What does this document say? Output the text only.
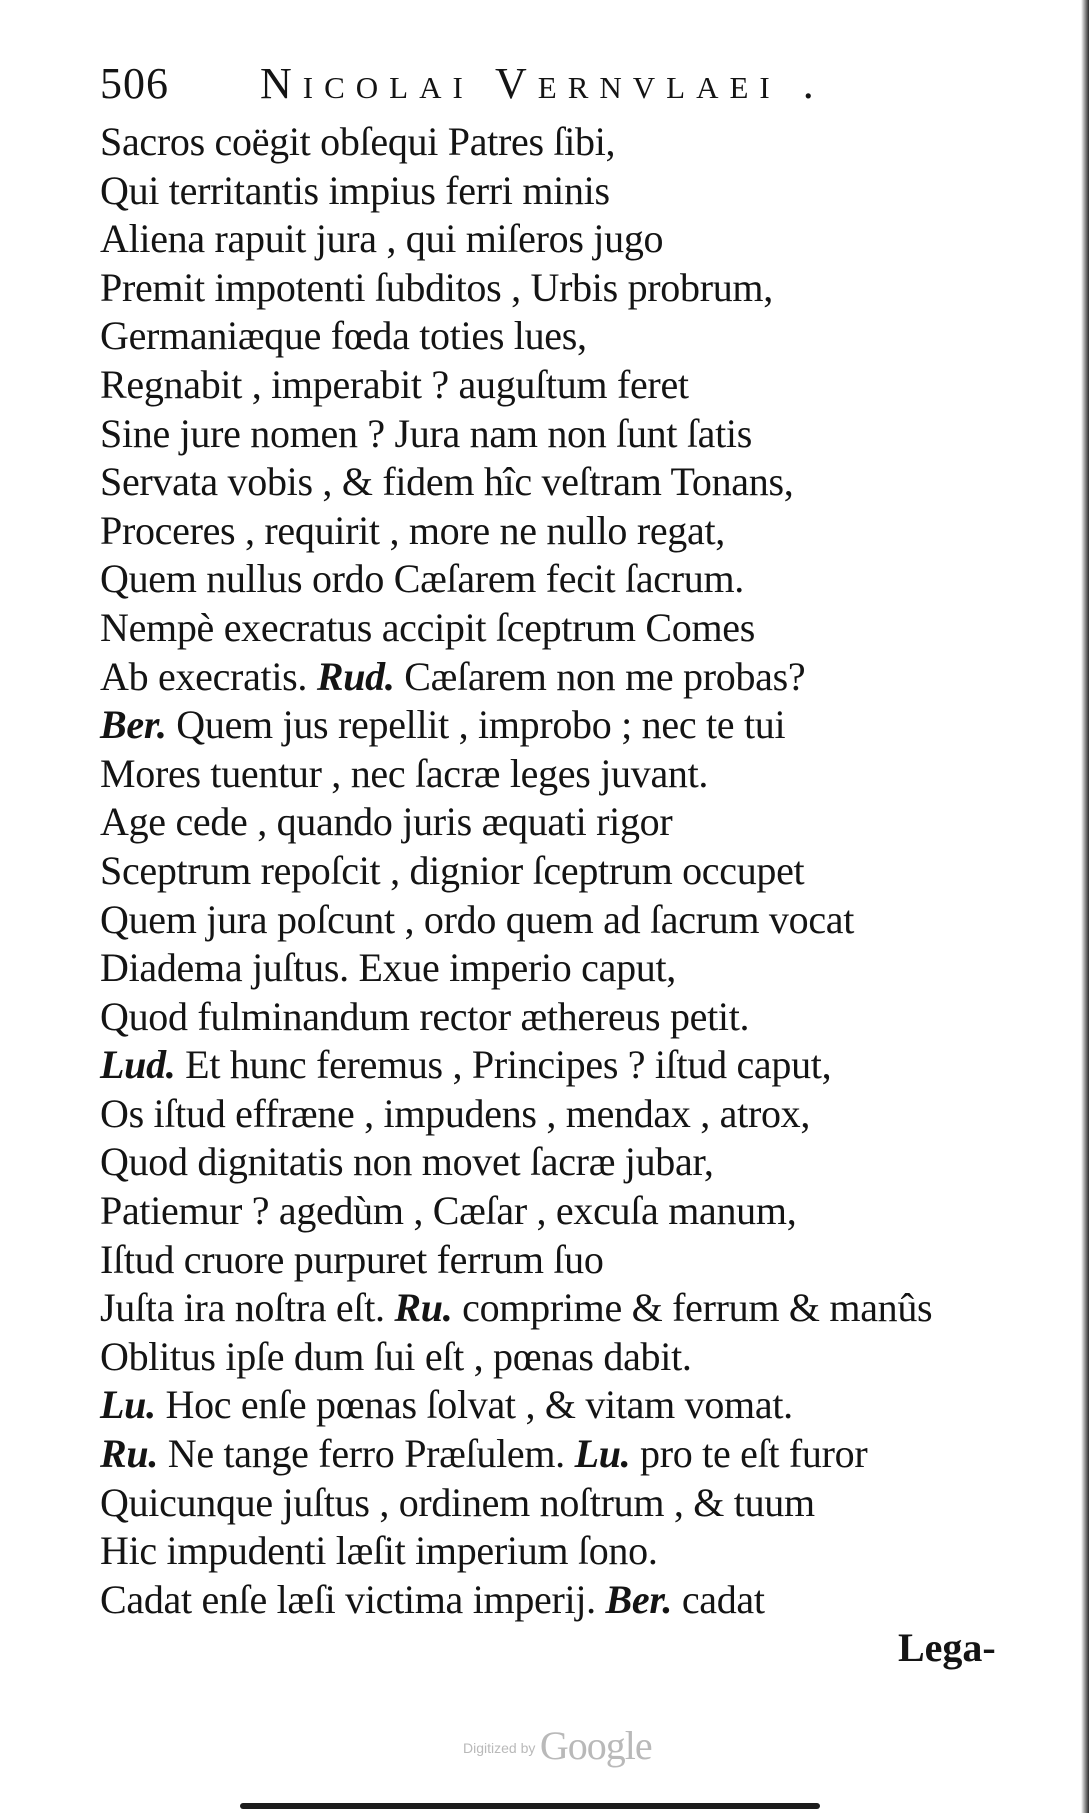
506 Nicolai Vernvlaei .
Sacros coëgit obſequi Patres ſibi,
Qui territantis impius ferri minis
Aliena rapuit jura , qui miſeros jugo
Premit impotenti ſubditos , Urbis probrum,
Germaniæque fœda toties lues,
Regnabit , imperabit ? auguſtum feret
Sine jure nomen ? Jura nam non ſunt ſatis
Servata vobis , & fidem hîc veſtram Tonans,
Proceres , requirit , more ne nullo regat,
Quem nullus ordo Cæſarem fecit ſacrum.
Nempè execratus accipit ſceptrum Comes
Ab execratis. Rud. Cæſarem non me probas?
Ber. Quem jus repellit , improbo ; nec te tui
Mores tuentur , nec ſacræ leges juvant.
Age cede , quando juris æquati rigor
Sceptrum repoſcit , dignior ſceptrum occupet
Quem jura poſcunt , ordo quem ad ſacrum vocat
Diadema juſtus. Exue imperio caput,
Quod fulminandum rector æthereus petit.
Lud. Et hunc feremus , Principes ? iſtud caput,
Os iſtud effræne , impudens , mendax , atrox,
Quod dignitatis non movet ſacræ jubar,
Patiemur ? agedùm , Cæſar , excuſa manum,
Iſtud cruore purpuret ferrum ſuo
Juſta ira noſtra eſt. Ru. comprime & ferrum & manûs
Oblitus ipſe dum ſui eſt , pœnas dabit.
Lu. Hoc enſe pœnas ſolvat , & vitam vomat.
Ru. Ne tange ferro Præſulem. Lu. pro te eſt furor
Quicunque juſtus , ordinem noſtrum , & tuum
Hic impudenti læſit imperium ſono.
Cadat enſe læſi victima imperij. Ber. cadat
Lega-
Digitized by Google
